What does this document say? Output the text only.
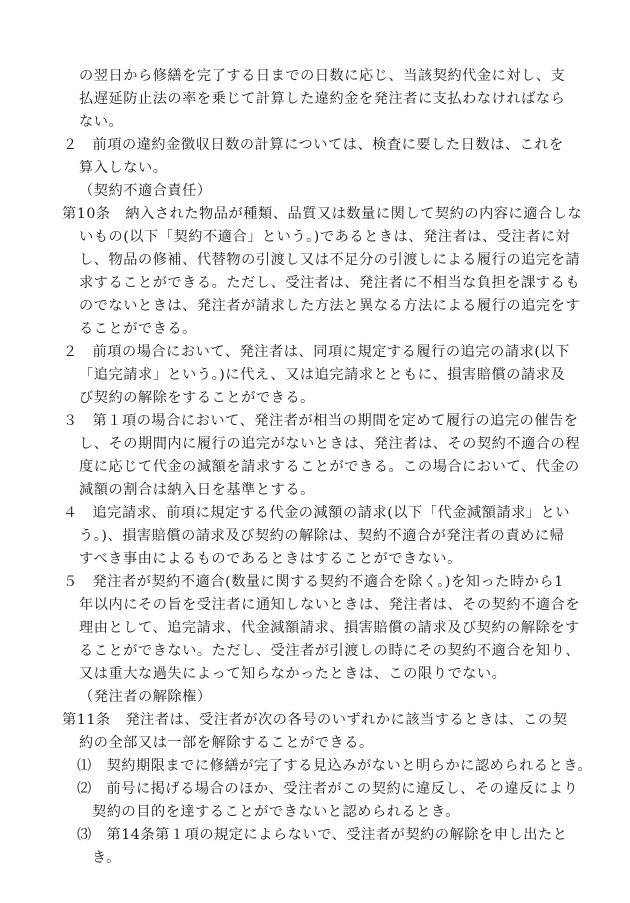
の翌日から修繕を完了する日までの日数に応じ、当該契約代金に対し、支
払遅延防止法の率を乗じて計算した違約金を発注者に支払わなければなら
ない。
２　前項の違約金徴収日数の計算については、検査に要した日数は、これを
算入しない。
（契約不適合責任）
第10条　納入された物品が種類、品質又は数量に関して契約の内容に適合しな
いもの(以下「契約不適合」という。)であるときは、発注者は、受注者に対
し、物品の修補、代替物の引渡し又は不足分の引渡しによる履行の追完を請
求することができる。ただし、受注者は、発注者に不相当な負担を課するも
のでないときは、発注者が請求した方法と異なる方法による履行の追完をす
ることができる。
２　前項の場合において、発注者は、同項に規定する履行の追完の請求(以下
「追完請求」という。)に代え、又は追完請求とともに、損害賠償の請求及
び契約の解除をすることができる。
３　第１項の場合において、発注者が相当の期間を定めて履行の追完の催告を
し、その期間内に履行の追完がないときは、発注者は、その契約不適合の程
度に応じて代金の減額を請求することができる。この場合において、代金の
減額の割合は納入日を基準とする。
４　追完請求、前項に規定する代金の減額の請求(以下「代金減額請求」とい
う。)、損害賠償の請求及び契約の解除は、契約不適合が発注者の責めに帰
すべき事由によるものであるときはすることができない。
５　発注者が契約不適合(数量に関する契約不適合を除く。)を知った時から1
年以内にその旨を受注者に通知しないときは、発注者は、その契約不適合を
理由として、追完請求、代金減額請求、損害賠償の請求及び契約の解除をす
ることができない。ただし、受注者が引渡しの時にその契約不適合を知り、
又は重大な過失によって知らなかったときは、この限りでない。
（発注者の解除権）
第11条　発注者は、受注者が次の各号のいずれかに該当するときは、この契
約の全部又は一部を解除することができる。
⑴　契約期限までに修繕が完了する見込みがないと明らかに認められるとき。
⑵　前号に掲げる場合のほか、受注者がこの契約に違反し、その違反により
契約の目的を達することができないと認められるとき。
⑶　第14条第１項の規定によらないで、受注者が契約の解除を申し出たと
き。
